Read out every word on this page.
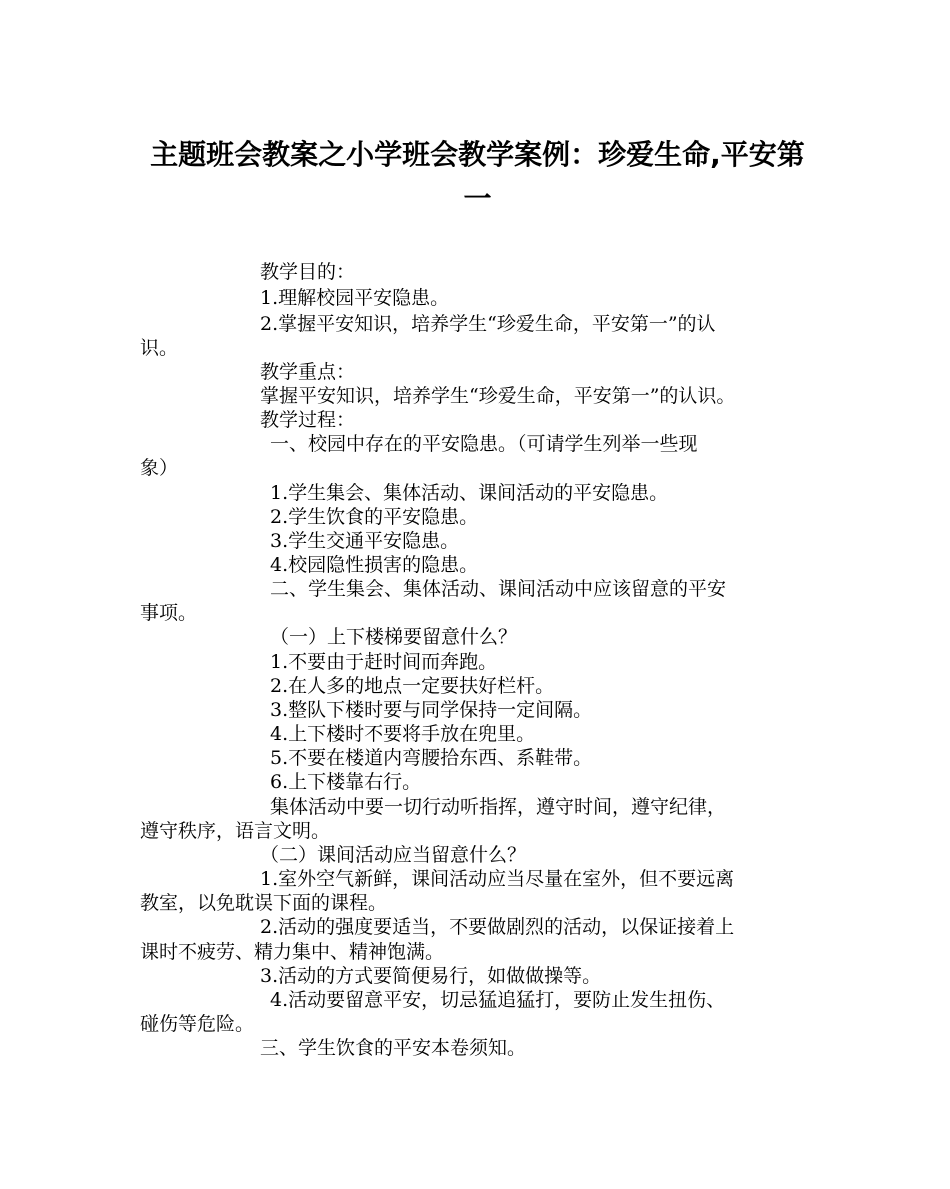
主题班会教案之小学班会教学案例：珍爱生命,平安第
一

教学目的：

1.理解校园平安隐患。

2.掌握平安知识，培养学生“珍爱生命，平安第一”的认

识。

教学重点：

掌握平安知识，培养学生“珍爱生命，平安第一”的认识。

教学过程：

一、校园中存在的平安隐患。（可请学生列举一些现

象）

1.学生集会、集体活动、课间活动的平安隐患。

2.学生饮食的平安隐患。

3.学生交通平安隐患。

4.校园隐性损害的隐患。

二、学生集会、集体活动、课间活动中应该留意的平安

事项。

（一）上下楼梯要留意什么？

1.不要由于赶时间而奔跑。

2.在人多的地点一定要扶好栏杆。

3.整队下楼时要与同学保持一定间隔。

4.上下楼时不要将手放在兜里。

5.不要在楼道内弯腰拾东西、系鞋带。

6.上下楼靠右行。

集体活动中要一切行动听指挥，遵守时间，遵守纪律，

遵守秩序，语言文明。

（二）课间活动应当留意什么？

1.室外空气新鲜，课间活动应当尽量在室外，但不要远离

教室，以免耽误下面的课程。

2.活动的强度要适当，不要做剧烈的活动，以保证接着上

课时不疲劳、精力集中、精神饱满。

3.活动的方式要简便易行，如做做操等。

4.活动要留意平安，切忌猛追猛打，要防止发生扭伤、

碰伤等危险。

三、学生饮食的平安本卷须知。
